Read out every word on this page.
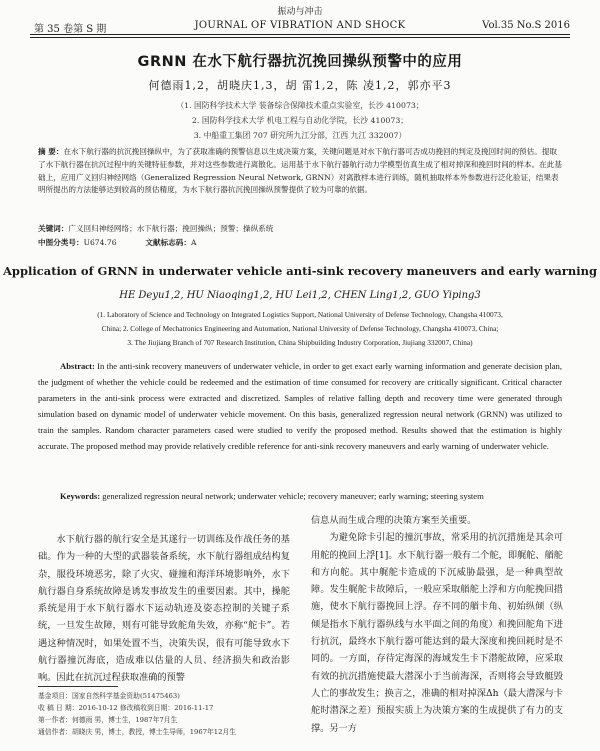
振动与冲击
第 35 卷第 S 期	JOURNAL OF VIBRATION AND SHOCK	Vol.35 No.S 2016
GRNN 在水下航行器抗沉挽回操纵预警中的应用
何德雨1,2，胡晓庆1,3，胡 雷1,2，陈 凌1,2，郭亦平3
（1. 国防科学技术大学 装备综合保障技术重点实验室，长沙 410073；
2. 国防科学技术大学 机电工程与自动化学院，长沙 410073；
3. 中船重工集团 707 研究所九江分部，江西 九江 332007）
摘 要：在水下航行器的抗沉挽回操纵中，为了获取准确的预警信息以生成决策方案，关键问题是对水下航行器可否成功挽回的判定及挽回时间的预估。提取了水下航行器在抗沉过程中的关键特征参数，并对这些参数进行离散化。运用基于水下航行器航行动力学模型仿真生成了相对掉深和挽回时间的样本。在此基础上，应用广义回归神经网络（Generalized Regression Neural Network, GRNN）对离散样本进行训练，随机抽取样本外参数进行泛化验证，结果表明所提出的方法能够达到较高的预估精度，为水下航行器抗沉挽回操纵预警提供了较为可靠的依据。
关键词：广义回归神经网络；水下航行器；挽回操纵；预警；操纵系统
中图分类号：U674.76	文献标志码：A
Application of GRNN in underwater vehicle anti-sink recovery maneuvers and early warning
HE Deyu1,2, HU Niaoqing1,2, HU Lei1,2, CHEN Ling1,2, GUO Yiping3
(1. Laboratory of Science and Technology on Integrated Logistics Support, National University of Defense Technology, Changsha 410073,
China; 2. College of Mechatronics Engineering and Automation, National University of Defense Technology, Changsha 410073, China;
3. The Jiujiang Branch of 707 Research Institution, China Shipbuilding Industry Corporation, Jiujiang 332007, China)
Abstract: In the anti-sink recovery maneuvers of underwater vehicle, in order to get exact early warning information and generate decision plan, the judgment of whether the vehicle could be redeemed and the estimation of time consumed for recovery are critically significant. Critical character parameters in the anti-sink process were extracted and discretized. Samples of relative falling depth and recovery time were generated through simulation based on dynamic model of underwater vehicle movement. On this basis, generalized regression neural network (GRNN) was utilized to train the samples. Random character parameters cased were studied to verify the proposed method. Results showed that the estimation is highly accurate. The proposed method may provide relatively credible reference for anti-sink recovery maneuvers and early warning of underwater vehicle.
Keywords: generalized regression neural network; underwater vehicle; recovery maneuver; early warning; steering system
水下航行器的航行安全是其遂行一切训练及作战任务的基础。作为一种的大型的武器装备系统，水下航行器组成结构复杂，服役环境恶劣，除了火灾、碰撞和海洋环境影响外，水下航行器自身系统故障是诱发事故发生的重要因素。其中，操舵系统是用于水下航行器水下运动轨迹及姿态控制的关键子系统，一旦发生故障，则有可能导致舵角失效，亦称“舵卡”。若遇这种情况时，如果处置不当，决策失误，很有可能导致水下航行器撞沉海底，造成难以估量的人员、经济损失和政治影响。因此在抗沉过程获取准确的预警
信息从而生成合理的决策方案至关重要。
为避免除卡引起的撞沉事故，常采用的抗沉措施是其余可用舵的挽回上浮[1]。水下航行器一般有二个舵，即艉舵、艏舵和方向舵。其中艉舵卡造成的下沉威胁最强，是一种典型故障。发生艉舵卡故障后，一般应采取艏舵上浮和方向舵挽回措施，使水下航行器挽回上浮。存不同的艏卡角、初始纵倾（纵倾是指水下航行器纵线与水平面之间的角度）和挽回舵角下进行抗沉，最终水下航行器可能达到的最大深度和挽回耗时是不同的。一方面，存待定海深的海域发生卡下潜舵故障，应采取有效的抗沉措施使最大潜深小于当前海深，否则将会导致艇毁人亡的事故发生；换言之，准确的相对掉深Δh（最大潜深与卡舵时潜深之差）预报实质上为决策方案的生成提供了有力的支撑。另一方
基金项目：国家自然科学基金资助(51475463)
收 稿 日 期：2016-10-12 修改稿收到日期：2016-11-17
第一作者：何德雨 男，博士生，1987年7月生
通信作者：胡晓庆 男，博士，教授，博士生导师，1967年12月生
